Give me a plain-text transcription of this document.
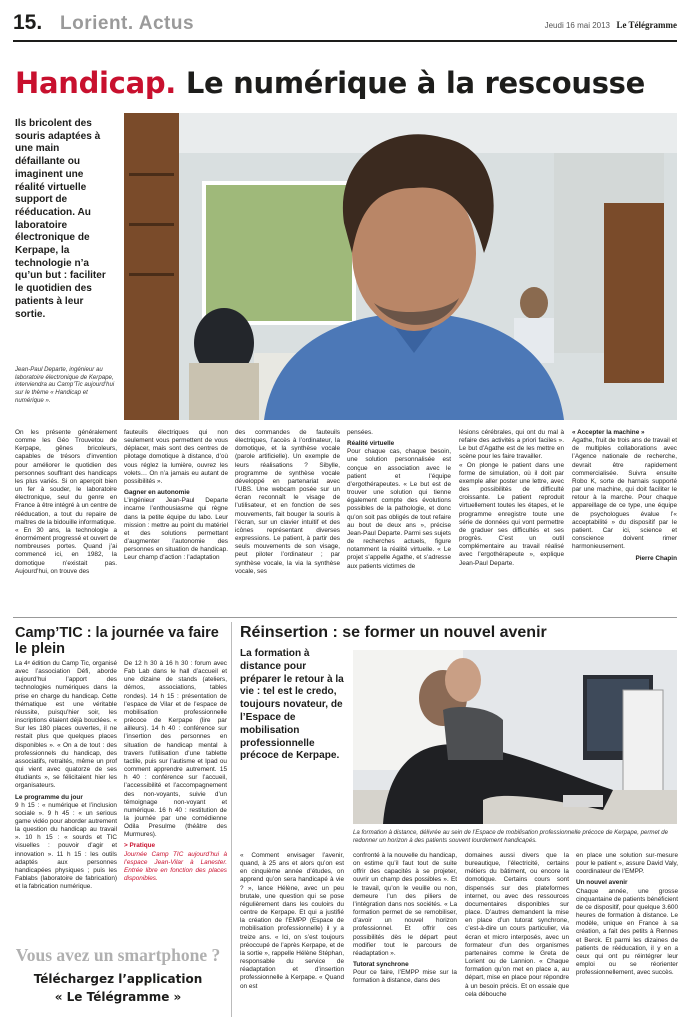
15. Lorient. Actus	Jeudi 16 mai 2013 Le Télégramme
Handicap. Le numérique à la rescousse
Ils bricolent des souris adaptées à une main défaillante ou imaginent une réalité virtuelle support de rééducation. Au laboratoire électronique de Kerpape, la technologie n’a qu’un but : faciliter le quotidien des patients à leur sortie.
Jean-Paul Departe, ingénieur au laboratoire électronique de Kerpape, interviendra au Camp’Tic aujourd’hui sur le thème « Handicap et numérique ».

On les présente généralement comme les Géo Trouvetou de Kerpape, gênes bricoleurs, capables de trésors d’invention pour améliorer le quotidien des personnes souffrant des handicaps les plus variés. Si on aperçoit bien un fer à souder, le laboratoire électronique, seul du genre en France à être intégré à un centre de rééducation, a tout du repaire de maîtres de la bidouille informatique.

« En 30 ans, la technologie a énormément progressé et ouvert de nombreuses portes. Quand j’ai commencé ici, en 1982, la domotique n’existait pas. Aujourd’hui, on trouve des

fauteuils électriques qui non seulement vous permettent de vous déplacer, mais sont des centres de pilotage domotique à distance, d’où vous réglez la lumière, ouvrez les volets… On n’a jamais eu autant de possibilités ».

Gagner en autonomie

L’ingénieur Jean-Paul Departe incarne l’enthousiasme qui règne dans la petite équipe du labo. Leur mission : mettre au point du matériel et des solutions permettant d’augmenter l’autonomie des personnes en situation de handicap. Leur champ d’action : l’adaptation

des commandes de fauteuils électriques, l’accès à l’ordinateur, la domotique, et la synthèse vocale (parole artificielle). Un exemple de leurs réalisations ? Sibylle, programme de synthèse vocale développé en partenariat avec l’UBS. Une webcam posée sur un écran reconnaît le visage de l’utilisateur, et en fonction de ses mouvements, fait bouger la souris à l’écran, sur un clavier intuitif et des icônes représentant diverses expressions. Le patient, à partir des seuls mouvements de son visage, peut piloter l’ordinateur ; par synthèse vocale, la via la synthèse vocale, ses

pensées.

Réalité virtuelle

Pour chaque cas, chaque besoin, une solution personnalisée est conçue en association avec le patient et l’équipe d’ergothérapeutes. « Le but est de trouver une solution qui tienne également compte des évolutions possibles de la pathologie, et donc qu’on soit pas obligés de tout refaire au bout de deux ans », précise Jean-Paul Departe. Parmi ses sujets de recherches actuels, figure notamment la réalité virtuelle. « Le projet s’appelle Agathe, et s’adresse aux patients victimes de

lésions cérébrales, qui ont du mal à refaire des activités a priori faciles ». Le but d’Agathe est de les mettre en scène pour les faire travailler.

« On plonge le patient dans une forme de simulation, où il doit par exemple aller poster une lettre, avec des possibilités de difficulté croissante. Le patient reproduit virtuellement toutes les étapes, et le programme enregistre toute une série de données qui vont permettre de graduer ses difficultés et ses progrès. C’est un outil complémentaire au travail réalisé avec l’ergothérapeute », explique Jean-Paul Departe.

« Accepter la machine »

Agathe, fruit de trois ans de travail et de multiples collaborations avec l’Agence nationale de recherche, devrait être rapidement commercialisée. Suivra ensuite Robo K, sorte de harnais supporté par une machine, qui doit faciliter le retour à la marche. Pour chaque appareillage de ce type, une équipe de psychologues évalue l’« acceptabilité » du dispositif par le patient. Car ici, science et conscience doivent rimer harmonieusement.

Pierre Chapin

Camp’TIC : la journée va faire le plein

La 4ᵉ édition du Camp Tic, organisé avec l’association Défi, aborde aujourd’hui l’apport des technologies numériques dans la prise en charge du handicap. Cette thématique est une véritable réussite, puisqu’hier soir, les inscriptions étaient déjà bouclées. « Sur les 180 places ouvertes, il ne restait plus que quelques places disponibles ». « On a de tout : des professionnels du handicap, des associatifs, retraités, même un prof qui vient avec quatorze de ses étudiants », se félicitaient hier les organisateurs.

Le programme du jour

9 h 15 : « numérique et l’inclusion sociale ». 9 h 45 : « un serious game vidéo pour aborder autrement la question du handicap au travail ». 10 h 15 : « sourds et TIC visuelles : pouvoir d’agir et innovation ». 11 h 15 : les outils adaptés aux personnes handicapées physiques ; puis les Fablabs (laboratoire de fabrication) et la fabrication numérique.

De 12 h 30 à 16 h 30 : forum avec Fab Lab dans le hall d’accueil et une dizaine de stands (ateliers, démos, associations, tables rondes). 14 h 15 : présentation de l’espace de Vilar et de l’espace de mobilisation professionnelle précoce de Kerpape (lire par ailleurs). 14 h 40 : conférence sur l’insertion des personnes en situation de handicap mental à travers l’utilisation d’une tablette tactile, puis sur l’autisme et Ipad ou comment apprendre autrement. 15 h 40 : conférence sur l’accueil, l’accessibilité et l’accompagnement des non-voyants, suivie d’un témoignage non-voyant et numérique. 16 h 40 : restitution de la journée par une comédienne Odila Presulme (théâtre des Murmures).

> Pratique

Journée Camp TIC aujourd’hui à l’espace Jean-Vilar à Lanester. Entrée libre en fonction des places disponibles.

Vous avez un smartphone ?
Téléchargez l’application
« Le Télégramme »
Réinsertion : se former un nouvel avenir
La formation à distance pour préparer le retour à la vie : tel est le credo, toujours novateur, de l’Espace de mobilisation professionnelle précoce de Kerpape.
La formation à distance, délivrée au sein de l’Espace de mobilisation professionnelle précoce de Kerpape, permet de redonner un horizon à des patients souvent lourdement handicapés.

« Comment envisager l’avenir, quand, à 25 ans et alors qu’on est en cinquième année d’études, on apprend qu’on sera handicapé à vie ? », lance Hélène, avec un peu brutale, une question qui se pose régulièrement dans les couloirs du centre de Kerpape. Et qui a justifié la création de l’EMPP (Espace de mobilisation professionnelle) il y a treize ans. « Ici, on s’est toujours préoccupé de l’après Kerpape, et de la sortie », rappelle Hélène Stéphan, responsable du service de réadaptation et d’insertion professionnelle à Kerpape. « Quand on est

confronté à la nouvelle du handicap, on estime qu’il faut tout de suite offrir des capacités à se projeter, ouvrir un champ des possibles ». Et le travail, qu’on le veuille ou non, demeure l’un des piliers de l’intégration dans nos sociétés. « La formation permet de se remobiliser, d’avoir un nouvel horizon professionnel. Et offrir ces possibilités dès le départ peut modifier tout le parcours de réadaptation ».

Tutorat synchrone

Pour ce faire, l’EMPP mise sur la formation à distance, dans des

domaines aussi divers que la bureautique, l’électricité, certains métiers du bâtiment, ou encore la domotique. Certains cours sont dispensés sur des plateformes internet, ou avec des ressources documentaires disponibles sur place. D’autres demandent la mise en place d’un tutorat synchrone, c’est-à-dire un cours particulier, via écran et micro interposés, avec un formateur d’un des organismes partenaires comme le Greta de Lorient ou de Lannion. « Chaque formation qu’on met en place a, au départ, mise en place pour répondre à un besoin précis. Et on essaie que cela débouche

en place une solution sur-mesure pour le patient », assure David Valy, coordinateur de l’EMPP.

Un nouvel avenir

Chaque année, une grosse cinquantaine de patients bénéficient de ce dispositif, pour quelque 3.600 heures de formation à distance. Le modèle, unique en France à sa création, a fait des petits à Rennes et Berck. Et parmi les dizaines de patients de rééducation, il y en a ceux qui ont pu réintégrer leur emploi ou se réorienter professionnellement, avec succès.
